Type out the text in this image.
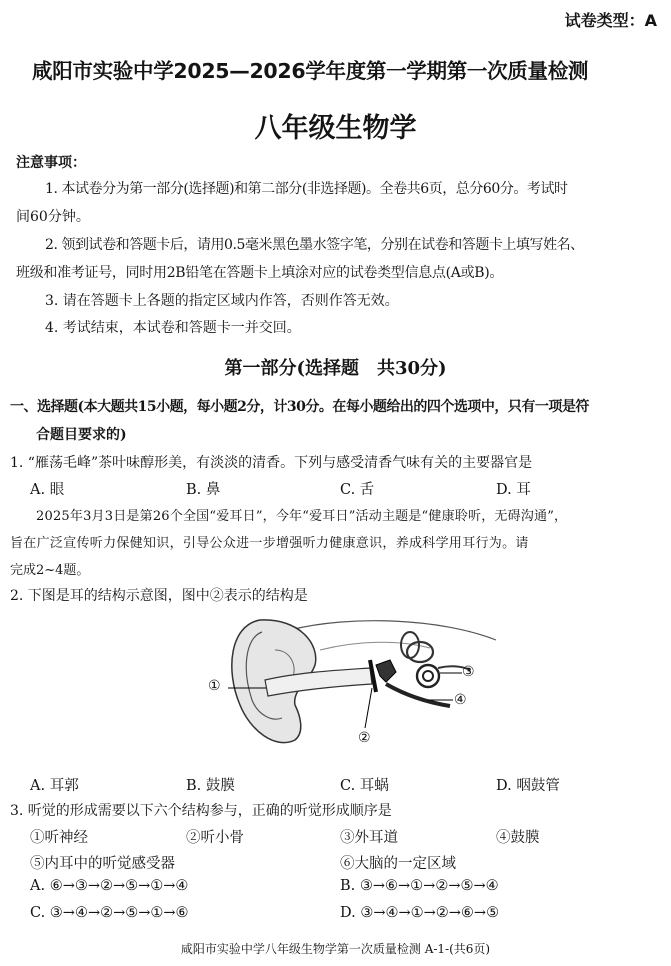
试卷类型：A
咸阳市实验中学2025—2026学年度第一学期第一次质量检测
八年级生物学
注意事项：
1. 本试卷分为第一部分(选择题)和第二部分(非选择题)。全卷共6页，总分60分。考试时
间60分钟。
2. 领到试卷和答题卡后，请用0.5毫米黑色墨水签字笔，分别在试卷和答题卡上填写姓名、
班级和准考证号，同时用2B铅笔在答题卡上填涂对应的试卷类型信息点(A或B)。
3. 请在答题卡上各题的指定区域内作答，否则作答无效。
4. 考试结束，本试卷和答题卡一并交回。
第一部分(选择题　共30分)
一、选择题(本大题共15小题，每小题2分，计30分。在每小题给出的四个选项中，只有一项是符
合题目要求的)
1. “雁荡毛峰”茶叶味醇形美，有淡淡的清香。下列与感受清香气味有关的主要器官是
A. 眼	B. 鼻	C. 舌	D. 耳
2025年3月3日是第26个全国“爱耳日”，今年“爱耳日”活动主题是“健康聆听，无碍沟通”，
旨在广泛宣传听力保健知识，引导公众进一步增强听力健康意识，养成科学用耳行为。请
完成2~4题。
2. 下图是耳的结构示意图，图中②表示的结构是
①
②
③
④
A. 耳郭	B. 鼓膜	C. 耳蜗	D. 咽鼓管
3. 听觉的形成需要以下六个结构参与，正确的听觉形成顺序是
①听神经	②听小骨	③外耳道	④鼓膜
⑤内耳中的听觉感受器	⑥大脑的一定区域
A. ⑥→③→②→⑤→①→④	B. ③→⑥→①→②→⑤→④
C. ③→④→②→⑤→①→⑥	D. ③→④→①→②→⑥→⑤
咸阳市实验中学八年级生物学第一次质量检测 A-1-(共6页)
